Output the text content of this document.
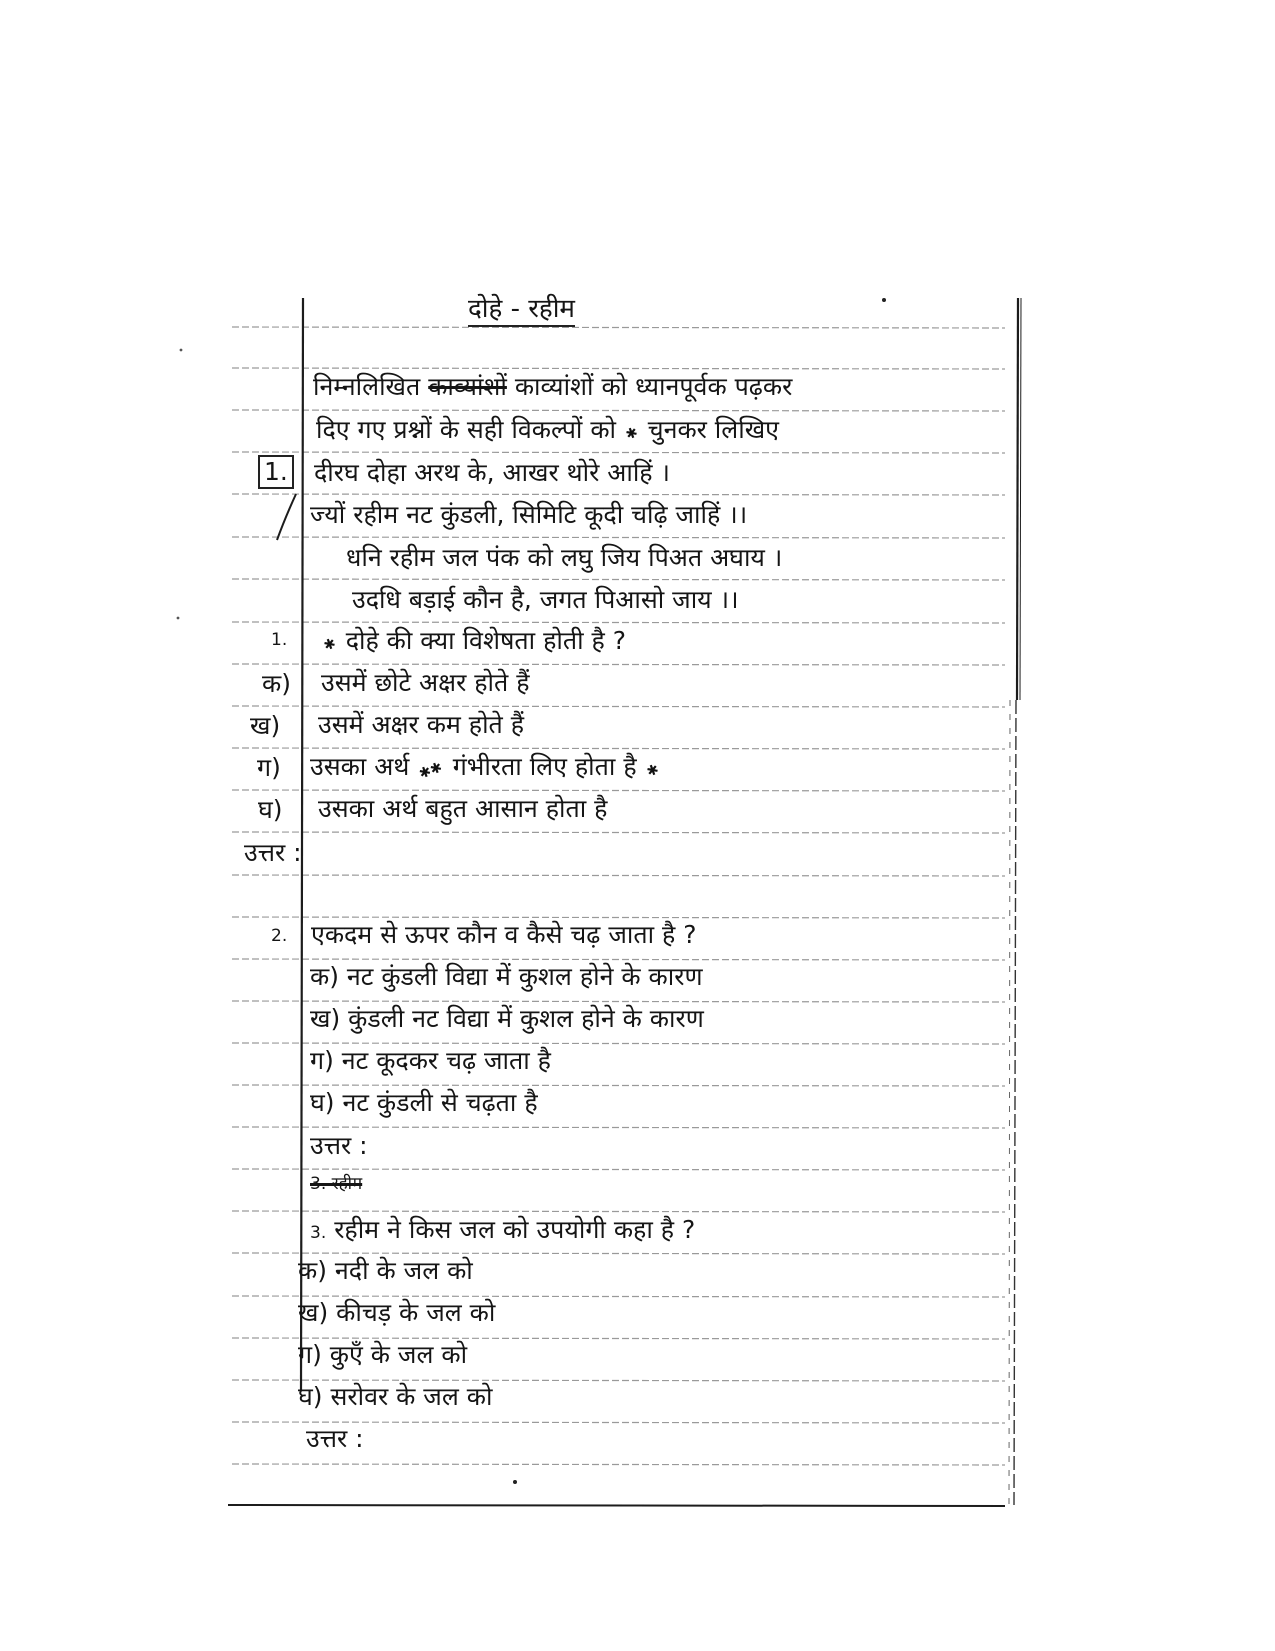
दोहे - रहीम
निम्नलिखित काव्यांशों काव्यांशों को ध्यानपूर्वक पढ़कर
दिए गए प्रश्नों के सही विकल्पों को ✱ चुनकर लिखिए
1. दीरघ दोहा अरथ के, आखर थोरे आहिं ।
ज्यों रहीम नट कुंडली, सिमिटि कूदी चढ़ि जाहिं ।।
धनि रहीम जल पंक को लघु जिय पिअत अघाय ।
उदधि बड़ाई कौन है, जगत पिआसो जाय ।।
1. ✱ दोहे की क्या विशेषता होती है ?
क) उसमें छोटे अक्षर होते हैं
ख) उसमें अक्षर कम होते हैं
ग) उसका अर्थ ✱✱ गंभीरता लिए होता है ✱
घ) उसका अर्थ बहुत आसान होता है
उत्तर :
2. एकदम से ऊपर कौन व कैसे चढ़ जाता है ?
क) नट कुंडली विद्या में कुशल होने के कारण
ख) कुंडली नट विद्या में कुशल होने के कारण
ग) नट कूदकर चढ़ जाता है
घ) नट कुंडली से चढ़ता है
उत्तर :
3. रहीम
3. रहीम ने किस जल को उपयोगी कहा है ?
क) नदी के जल को
ख) कीचड़ के जल को
ग) कुएँ के जल को
घ) सरोवर के जल को
उत्तर :
